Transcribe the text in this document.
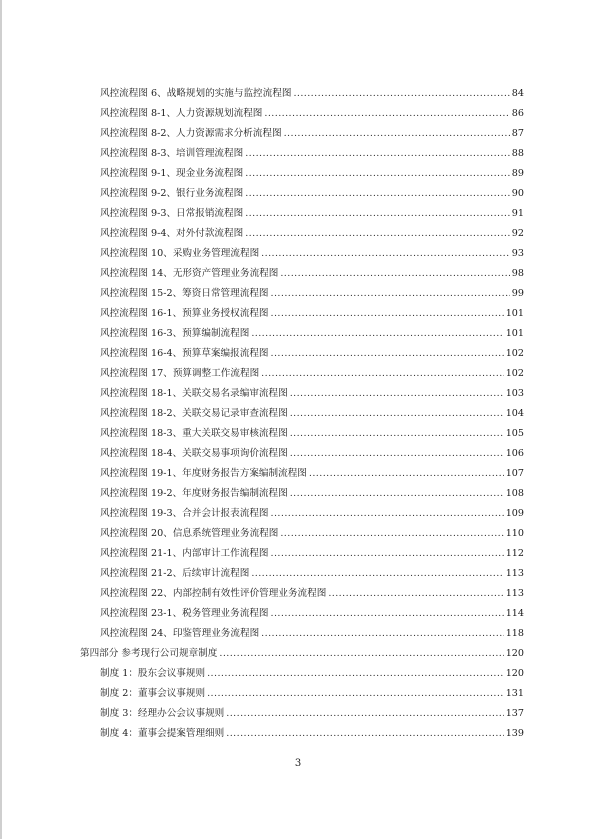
风控流程图 6、战略规划的实施与监控流程图 .....	84
风控流程图 8-1、人力资源规划流程图 .....	86
风控流程图 8-2、人力资源需求分析流程图 .....	87
风控流程图 8-3、培训管理流程图 .....	88
风控流程图 9-1、现金业务流程图 .....	89
风控流程图 9-2、银行业务流程图 .....	90
风控流程图 9-3、日常报销流程图 .....	91
风控流程图 9-4、对外付款流程图 .....	92
风控流程图 10、采购业务管理流程图 .....	93
风控流程图 14、无形资产管理业务流程图 .....	98
风控流程图 15-2、筹资日常管理流程图 .....	99
风控流程图 16-1、预算业务授权流程图 .....	101
风控流程图 16-3、预算编制流程图 .....	101
风控流程图 16-4、预算草案编报流程图 .....	102
风控流程图 17、预算调整工作流程图 .....	102
风控流程图 18-1、关联交易名录编审流程图 .....	103
风控流程图 18-2、关联交易记录审查流程图 .....	104
风控流程图 18-3、重大关联交易审核流程图 .....	105
风控流程图 18-4、关联交易事项询价流程图 .....	106
风控流程图 19-1、年度财务报告方案编制流程图 .....	107
风控流程图 19-2、年度财务报告编制流程图 .....	108
风控流程图 19-3、合并会计报表流程图 .....	109
风控流程图 20、信息系统管理业务流程图 .....	110
风控流程图 21-1、内部审计工作流程图 .....	112
风控流程图 21-2、后续审计流程图 .....	113
风控流程图 22、内部控制有效性评价管理业务流程图 .....	113
风控流程图 23-1、税务管理业务流程图 .....	114
风控流程图 24、印鉴管理业务流程图 .....	118
第四部分 参考现行公司规章制度 .....	120
制度 1：股东会议事规则 .....	120
制度 2：董事会议事规则 .....	131
制度 3：经理办公会议事规则 .....	137
制度 4：董事会提案管理细则 .....	139
3
